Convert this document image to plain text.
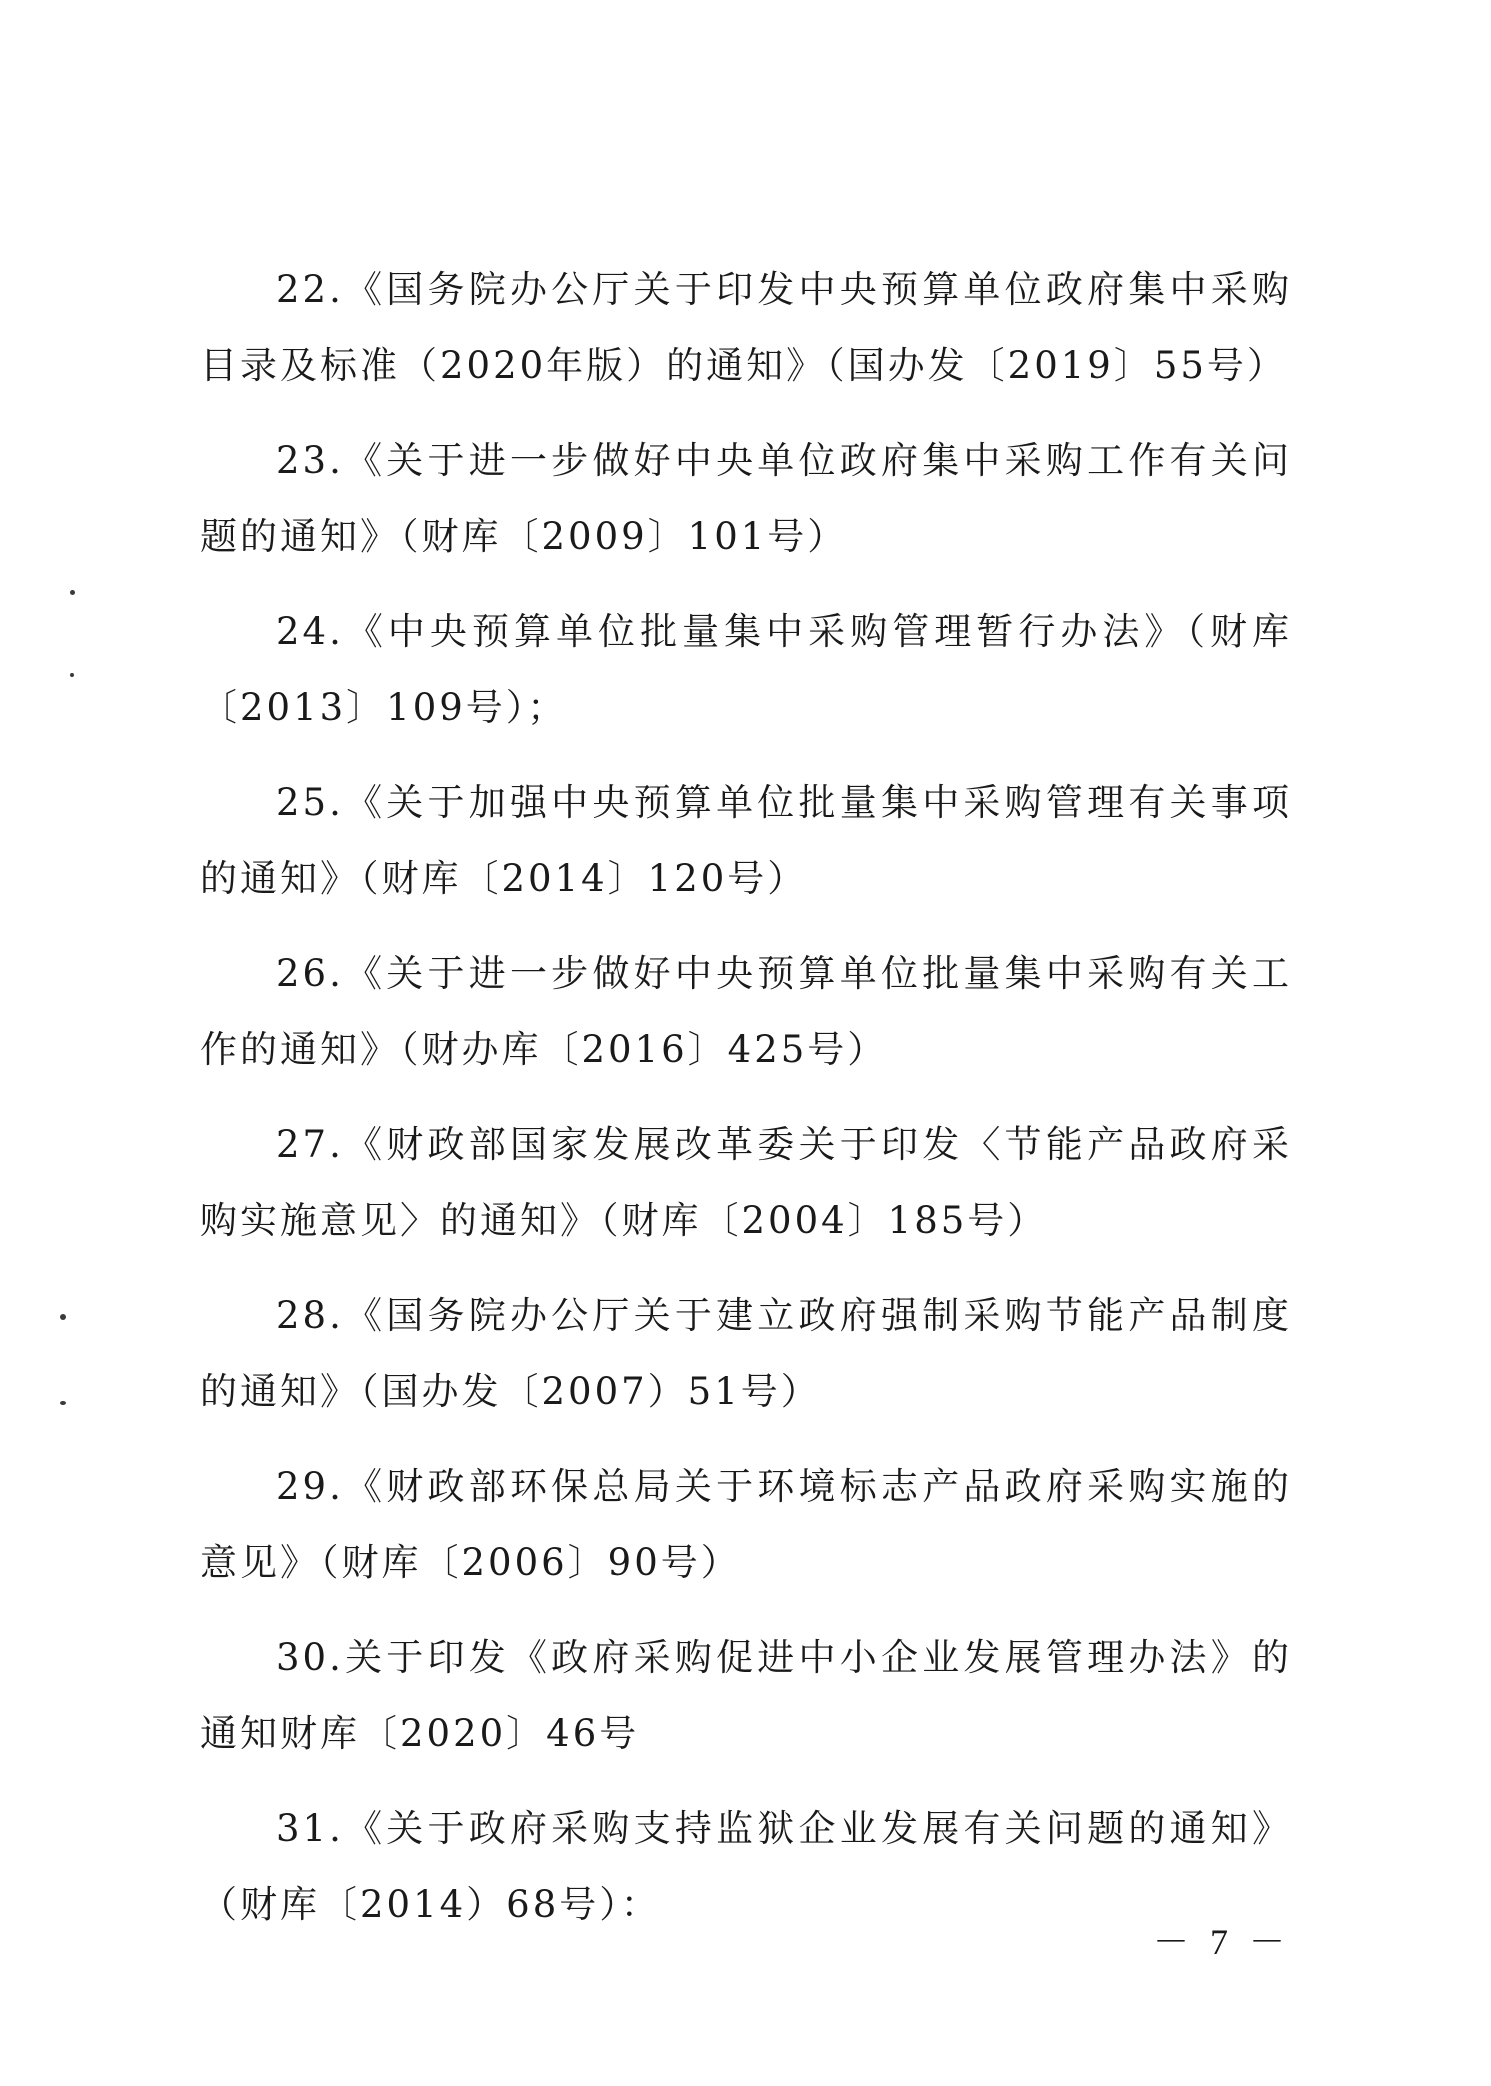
22.《国务院办公厅关于印发中央预算单位政府集中采购目录及标准（2020年版）的通知》（国办发〔2019〕55号）

23.《关于进一步做好中央单位政府集中采购工作有关问题的通知》（财库〔2009〕101号）

24.《中央预算单位批量集中采购管理暂行办法》（财库〔2013〕109号）；

25.《关于加强中央预算单位批量集中采购管理有关事项的通知》（财库〔2014〕120号）

26.《关于进一步做好中央预算单位批量集中采购有关工作的通知》（财办库〔2016〕425号）

27.《财政部国家发展改革委关于印发〈节能产品政府采购实施意见〉的通知》（财库〔2004〕185号）

28.《国务院办公厅关于建立政府强制采购节能产品制度的通知》（国办发〔2007）51号）

29.《财政部环保总局关于环境标志产品政府采购实施的意见》（财库〔2006〕90号）

30.关于印发《政府采购促进中小企业发展管理办法》的通知财库〔2020〕46号

31.《关于政府采购支持监狱企业发展有关问题的通知》（财库〔2014）68号）：

－ 7 －
